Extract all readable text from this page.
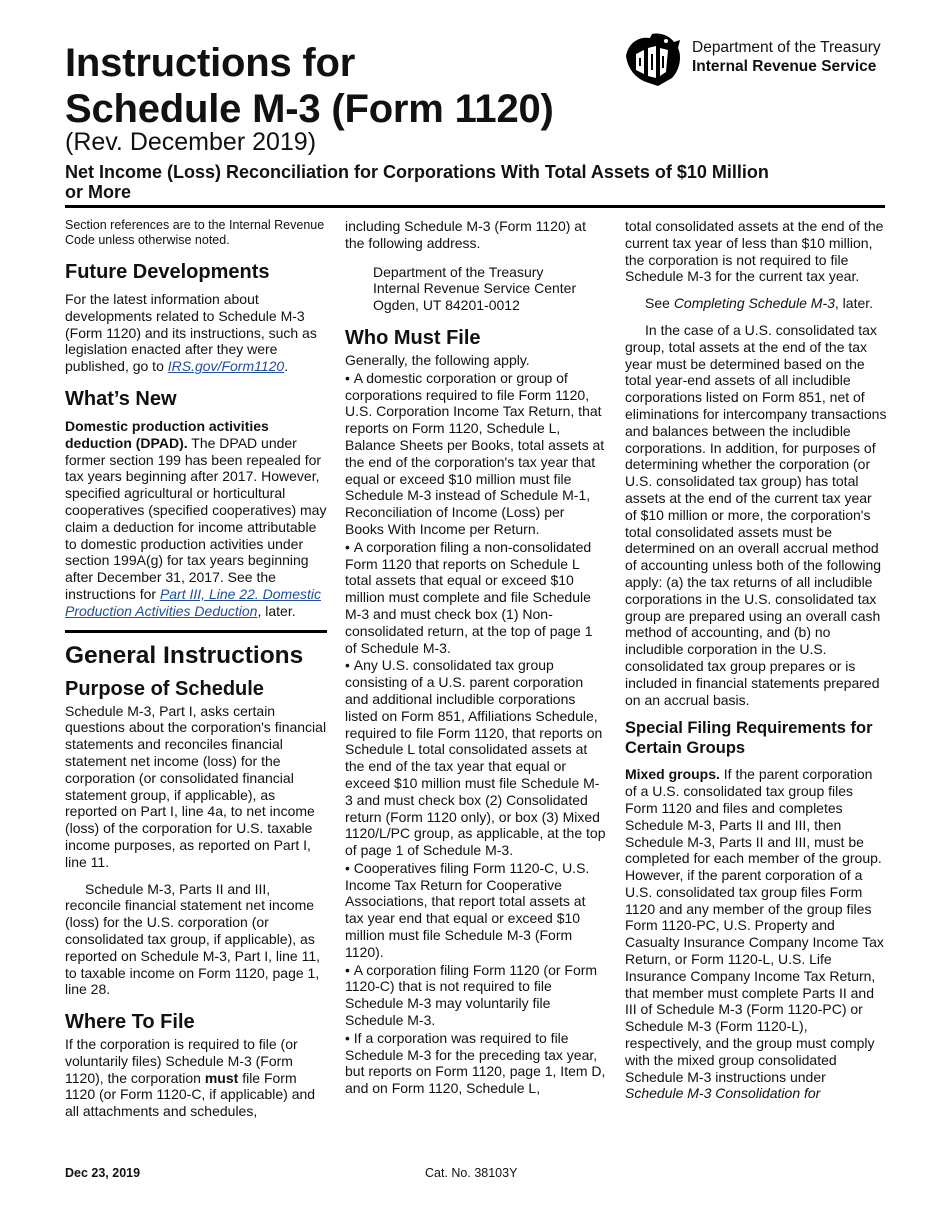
Instructions for
Schedule M-3 (Form 1120)
(Rev. December 2019)
Net Income (Loss) Reconciliation for Corporations With Total Assets of $10 Million or More
Department of the Treasury
Internal Revenue Service

Section references are to the Internal Revenue Code unless otherwise noted.

Future Developments

For the latest information about developments related to Schedule M-3 (Form 1120) and its instructions, such as legislation enacted after they were published, go to IRS.gov/Form1120.

What’s New

Domestic production activities deduction (DPAD). The DPAD under former section 199 has been repealed for tax years beginning after 2017. However, specified agricultural or horticultural cooperatives (specified cooperatives) may claim a deduction for income attributable to domestic production activities under section 199A(g) for tax years beginning after December 31, 2017. See the instructions for Part III, Line 22. Domestic Production Activities Deduction, later.

General Instructions
Purpose of Schedule

Schedule M-3, Part I, asks certain questions about the corporation's financial statements and reconciles financial statement net income (loss) for the corporation (or consolidated financial statement group, if applicable), as reported on Part I, line 4a, to net income (loss) of the corporation for U.S. taxable income purposes, as reported on Part I, line 11.

Schedule M-3, Parts II and III, reconcile financial statement net income (loss) for the U.S. corporation (or consolidated tax group, if applicable), as reported on Schedule M-3, Part I, line 11, to taxable income on Form 1120, page 1, line 28.

Where To File

If the corporation is required to file (or voluntarily files) Schedule M-3 (Form 1120), the corporation must file Form 1120 (or Form 1120-C, if applicable) and all attachments and schedules,

including Schedule M-3 (Form 1120) at the following address.

Department of the Treasury
Internal Revenue Service Center
Ogden, UT 84201-0012
Who Must File

Generally, the following apply.

• A domestic corporation or group of corporations required to file Form 1120, U.S. Corporation Income Tax Return, that reports on Form 1120, Schedule L, Balance Sheets per Books, total assets at the end of the corporation's tax year that equal or exceed $10 million must file Schedule M-3 instead of Schedule M-1, Reconciliation of Income (Loss) per Books With Income per Return.

• A corporation filing a non-consolidated Form 1120 that reports on Schedule L total assets that equal or exceed $10 million must complete and file Schedule M-3 and must check box (1) Non-consolidated return, at the top of page 1 of Schedule M-3.

• Any U.S. consolidated tax group consisting of a U.S. parent corporation and additional includible corporations listed on Form 851, Affiliations Schedule, required to file Form 1120, that reports on Schedule L total consolidated assets at the end of the tax year that equal or exceed $10 million must file Schedule M-3 and must check box (2) Consolidated return (Form 1120 only), or box (3) Mixed 1120/L/PC group, as applicable, at the top of page 1 of Schedule M-3.

• Cooperatives filing Form 1120-C, U.S. Income Tax Return for Cooperative Associations, that report total assets at tax year end that equal or exceed $10 million must file Schedule M-3 (Form 1120).

• A corporation filing Form 1120 (or Form 1120-C) that is not required to file Schedule M-3 may voluntarily file Schedule M-3.

• If a corporation was required to file Schedule M-3 for the preceding tax year, but reports on Form 1120, page 1, Item D, and on Form 1120, Schedule L,

total consolidated assets at the end of the current tax year of less than $10 million, the corporation is not required to file Schedule M-3 for the current tax year.

See Completing Schedule M-3, later.

In the case of a U.S. consolidated tax group, total assets at the end of the tax year must be determined based on the total year-end assets of all includible corporations listed on Form 851, net of eliminations for intercompany transactions and balances between the includible corporations. In addition, for purposes of determining whether the corporation (or U.S. consolidated tax group) has total assets at the end of the current tax year of $10 million or more, the corporation's total consolidated assets must be determined on an overall accrual method of accounting unless both of the following apply: (a) the tax returns of all includible corporations in the U.S. consolidated tax group are prepared using an overall cash method of accounting, and (b) no includible corporation in the U.S. consolidated tax group prepares or is included in financial statements prepared on an accrual basis.

Special Filing Requirements for Certain Groups

Mixed groups. If the parent corporation of a U.S. consolidated tax group files Form 1120 and files and completes Schedule M-3, Parts II and III, then Schedule M-3, Parts II and III, must be completed for each member of the group. However, if the parent corporation of a U.S. consolidated tax group files Form 1120 and any member of the group files Form 1120-PC, U.S. Property and Casualty Insurance Company Income Tax Return, or Form 1120-L, U.S. Life Insurance Company Income Tax Return, that member must complete Parts II and III of Schedule M-3 (Form 1120-PC) or Schedule M-3 (Form 1120-L), respectively, and the group must comply with the mixed group consolidated Schedule M-3 instructions under Schedule M-3 Consolidation for

Dec 23, 2019	Cat. No. 38103Y
